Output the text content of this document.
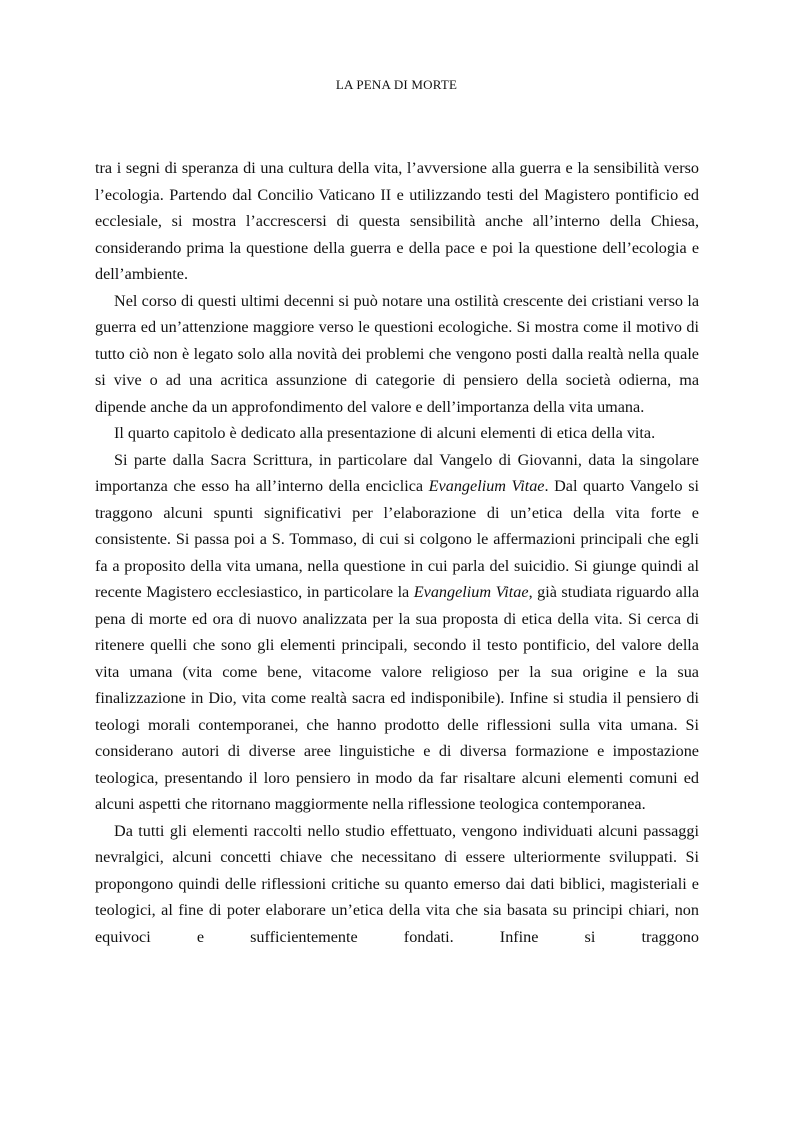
LA PENA DI MORTE

tra i segni di speranza di una cultura della vita, l’avversione alla guerra e la sensibilità verso l’ecologia. Partendo dal Concilio Vaticano II e utilizzando testi del Magistero pontificio ed ecclesiale, si mostra l’accrescersi di questa sensibilità anche all’interno della Chiesa, considerando prima la questione della guerra e della pace e poi la questione dell’ecologia e dell’ambiente.

Nel corso di questi ultimi decenni si può notare una ostilità crescente dei cristiani verso la guerra ed un’attenzione maggiore verso le questioni ecologiche. Si mostra come il motivo di tutto ciò non è legato solo alla novità dei problemi che vengono posti dalla realtà nella quale si vive o ad una acritica assunzione di categorie di pensiero della società odierna, ma dipende anche da un approfondimento del valore e dell’importanza della vita umana.

Il quarto capitolo è dedicato alla presentazione di alcuni elementi di etica della vita.

Si parte dalla Sacra Scrittura, in particolare dal Vangelo di Giovanni, data la singolare importanza che esso ha all’interno della enciclica Evangelium Vitae. Dal quarto Vangelo si traggono alcuni spunti significativi per l’elaborazione di un’etica della vita forte e consistente. Si passa poi a S. Tommaso, di cui si colgono le affermazioni principali che egli fa a proposito della vita umana, nella questione in cui parla del suicidio. Si giunge quindi al recente Magistero ecclesiastico, in particolare la Evangelium Vitae, già studiata riguardo alla pena di morte ed ora di nuovo analizzata per la sua proposta di etica della vita. Si cerca di ritenere quelli che sono gli elementi principali, secondo il testo pontificio, del valore della vita umana (vita come bene, vitacome valore religioso per la sua origine e la sua finalizzazione in Dio, vita come realtà sacra ed indisponibile). Infine si studia il pensiero di teologi morali contemporanei, che hanno prodotto delle riflessioni sulla vita umana. Si considerano autori di diverse aree linguistiche e di diversa formazione e impostazione teologica, presentando il loro pensiero in modo da far risaltare alcuni elementi comuni ed alcuni aspetti che ritornano maggiormente nella riflessione teologica contemporanea.

Da tutti gli elementi raccolti nello studio effettuato, vengono individuati alcuni passaggi nevralgici, alcuni concetti chiave che necessitano di essere ulteriormente sviluppati. Si propongono quindi delle riflessioni critiche su quanto emerso dai dati biblici, magisteriali e teologici, al fine di poter elaborare un’etica della vita che sia basata su principi chiari, non equivoci e sufficientemente fondati. Infine si traggono
